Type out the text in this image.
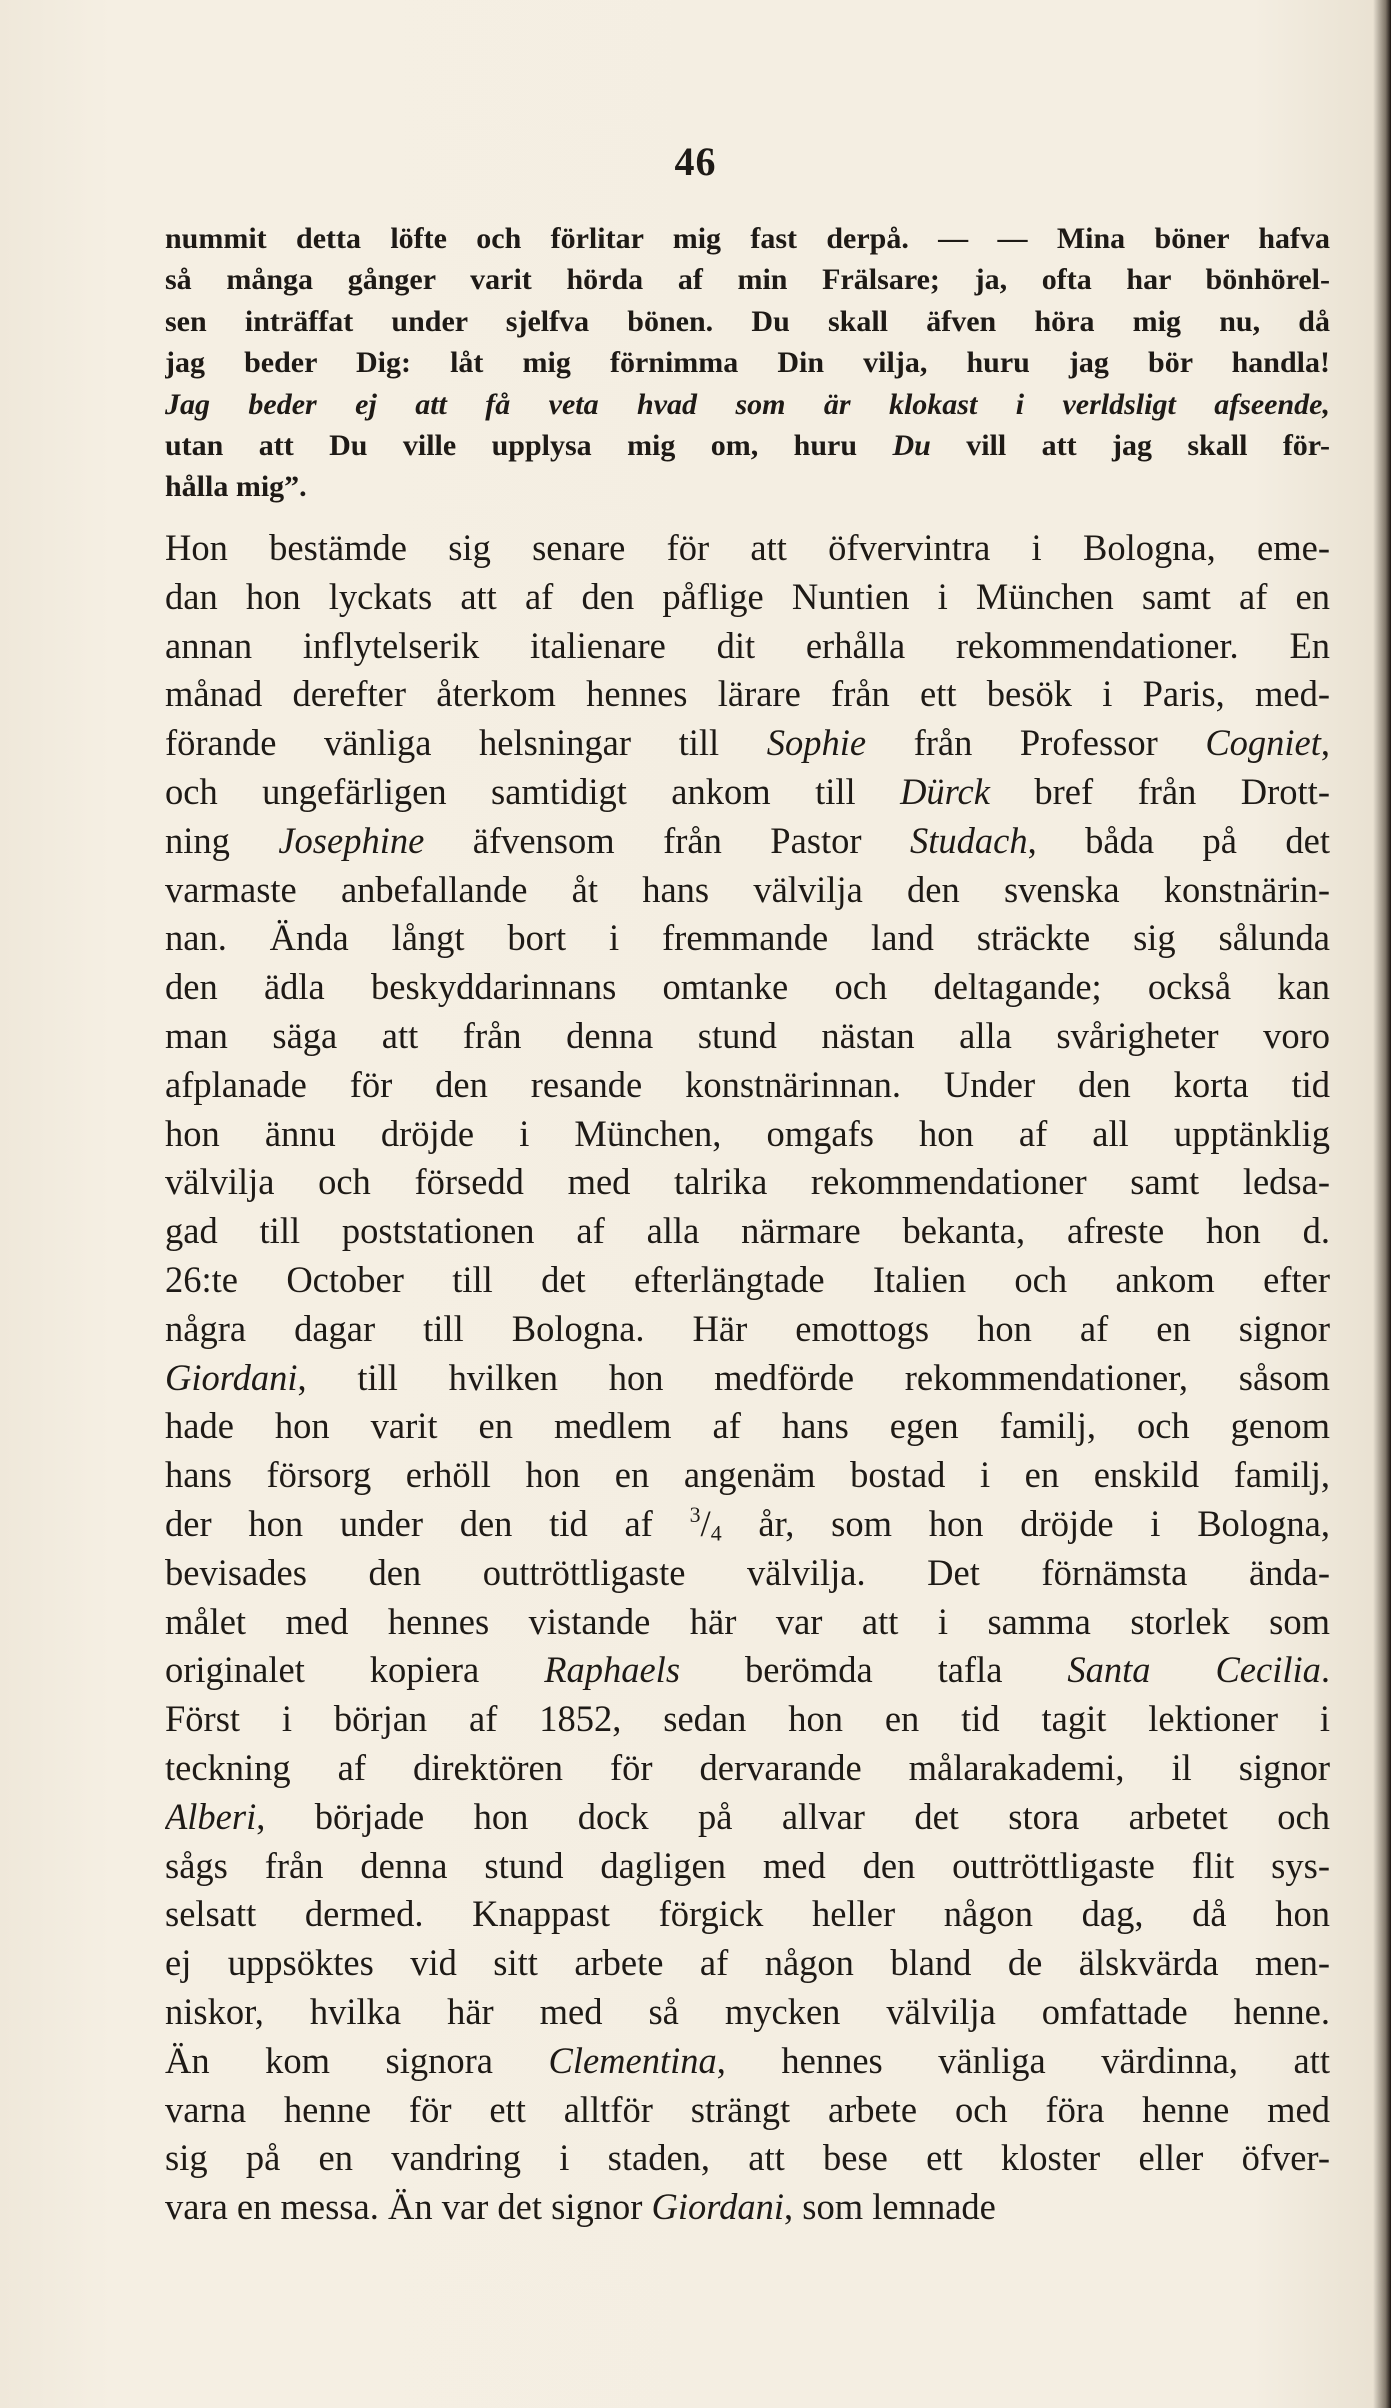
46
nummit detta löfte och förlitar mig fast derpå. — — Mina böner hafva
så många gånger varit hörda af min Frälsare; ja, ofta har bönhörel-
sen inträffat under sjelfva bönen. Du skall äfven höra mig nu, då
jag beder Dig: låt mig förnimma Din vilja, huru jag bör handla!
Jag beder ej att få veta hvad som är klokast i verldsligt afseende,
utan att Du ville upplysa mig om, huru Du vill att jag skall för-
hålla mig”.
Hon bestämde sig senare för att öfvervintra i Bologna, eme-
dan hon lyckats att af den påflige Nuntien i München samt af en
annan inflytelserik italienare dit erhålla rekommendationer. En
månad derefter återkom hennes lärare från ett besök i Paris, med-
förande vänliga helsningar till Sophie från Professor Cogniet,
och ungefärligen samtidigt ankom till Dürck bref från Drott-
ning Josephine äfvensom från Pastor Studach, båda på det
varmaste anbefallande åt hans välvilja den svenska konstnärin-
nan. Ända långt bort i fremmande land sträckte sig sålunda
den ädla beskyddarinnans omtanke och deltagande; också kan
man säga att från denna stund nästan alla svårigheter voro
afplanade för den resande konstnärinnan. Under den korta tid
hon ännu dröjde i München, omgafs hon af all upptänklig
välvilja och försedd med talrika rekommendationer samt ledsa-
gad till poststationen af alla närmare bekanta, afreste hon d.
26:te October till det efterlängtade Italien och ankom efter
några dagar till Bologna. Här emottogs hon af en signor
Giordani, till hvilken hon medförde rekommendationer, såsom
hade hon varit en medlem af hans egen familj, och genom
hans försorg erhöll hon en angenäm bostad i en enskild familj,
der hon under den tid af $^3/_4$ år, som hon dröjde i Bologna,
bevisades den outtröttligaste välvilja. Det förnämsta ända-
målet med hennes vistande här var att i samma storlek som
originalet kopiera Raphaels berömda tafla Santa Cecilia.
Först i början af 1852, sedan hon en tid tagit lektioner i
teckning af direktören för dervarande målarakademi, il signor
Alberi, började hon dock på allvar det stora arbetet och
sågs från denna stund dagligen med den outtröttligaste flit sys-
selsatt dermed. Knappast förgick heller någon dag, då hon
ej uppsöktes vid sitt arbete af någon bland de älskvärda men-
niskor, hvilka här med så mycken välvilja omfattade henne.
Än kom signora Clementina, hennes vänliga värdinna, att
varna henne för ett alltför strängt arbete och föra henne med
sig på en vandring i staden, att bese ett kloster eller öfver-
vara en messa. Än var det signor Giordani, som lemnade
